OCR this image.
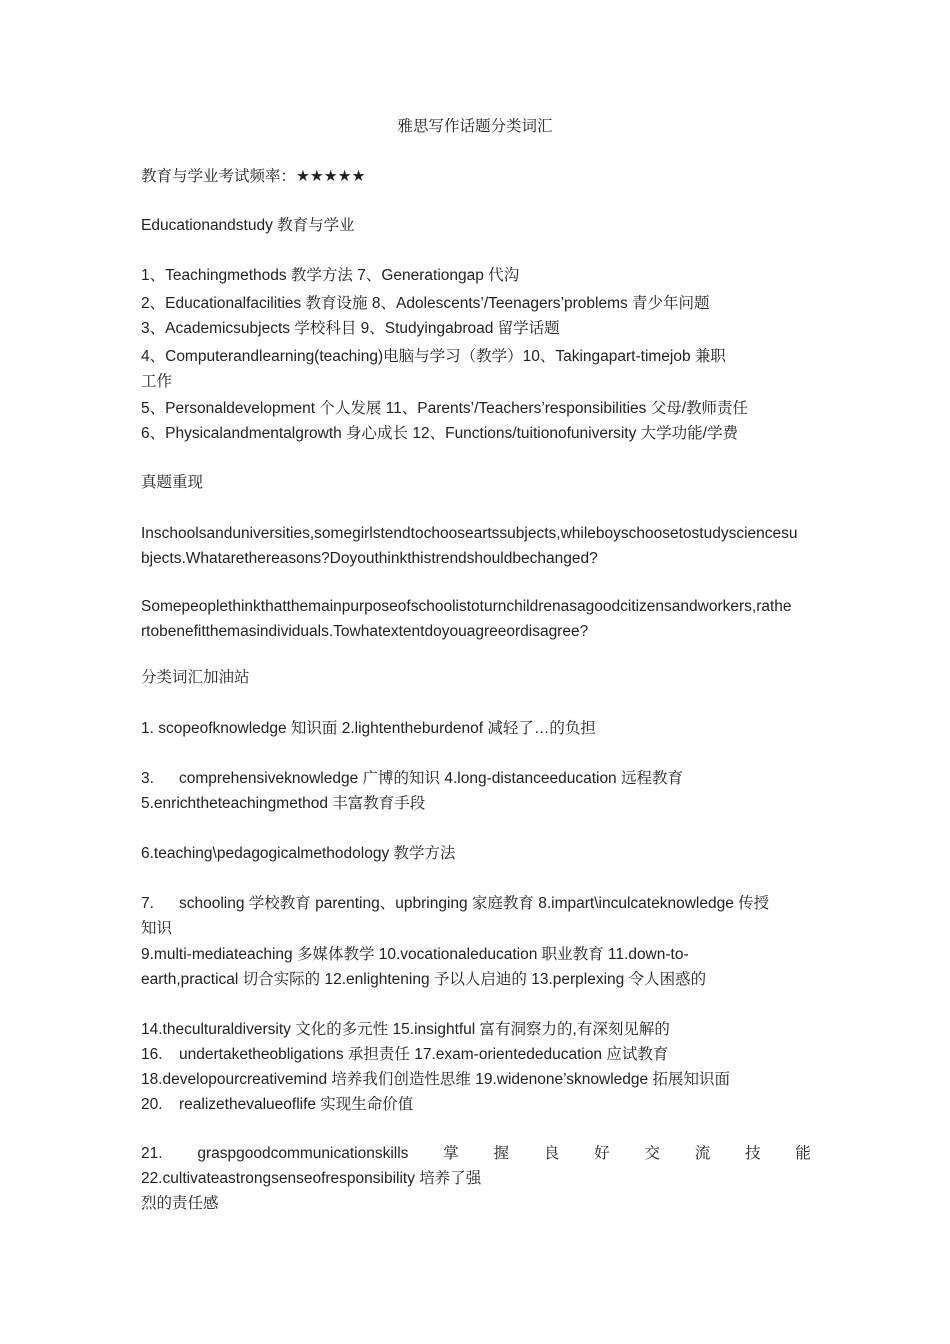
雅思写作话题分类词汇
教育与学业考试频率：★★★★★
Educationandstudy 教育与学业
1、Teachingmethods 教学方法 7、Generationgap 代沟
2、Educationalfacilities 教育设施 8、Adolescents’/Teenagers’problems 青少年问题
3、Academicsubjects 学校科目 9、Studyingabroad 留学话题
4、Computerandlearning(teaching)电脑与学习（教学）10、Takingapart-timejob 兼职
工作
5、Personaldevelopment 个人发展 11、Parents’/Teachers’responsibilities 父母/教师责任
6、Physicalandmentalgrowth 身心成长 12、Functions/tuitionofuniversity 大学功能/学费
真题重现
Inschoolsanduniversities,somegirlstendtochooseartssubjects,whileboyschoosetostudysciencesu
bjects.Whatarethereasons?Doyouthinkthistrendshouldbechanged?
Somepeoplethinkthatthemainpurposeofschoolistoturnchildrenasagoodcitizensandworkers,rathe
rtobenefitthemasindividuals.Towhatextentdoyouagreeordisagree?
分类词汇加油站
1. scopeofknowledge 知识面 2.lightentheburdenof 减轻了…的负担
3. comprehensiveknowledge 广博的知识 4.long-distanceeducation 远程教育
5.enrichtheteachingmethod 丰富教育手段
6.teaching\pedagogicalmethodology 教学方法
7. schooling 学校教育 parenting、upbringing 家庭教育 8.impart\inculcateknowledge 传授
知识
9.multi-mediateaching 多媒体教学 10.vocationaleducation 职业教育 11.down-to-
earth,practical 切合实际的 12.enlightening 予以人启迪的 13.perplexing 令人困惑的
14.theculturaldiversity 文化的多元性 15.insightful 富有洞察力的,有深刻见解的
16. undertaketheobligations 承担责任 17.exam-orientededucation 应试教育
18.developourcreativemind 培养我们创造性思维 19.widenone’sknowledge 拓展知识面
20. realizethevalueoflife 实现生命价值
21. graspgoodcommunicationskills 掌 握 良 好 交 流 技 能
22.cultivateastrongsenseofresponsibility 培养了强
烈的责任感
